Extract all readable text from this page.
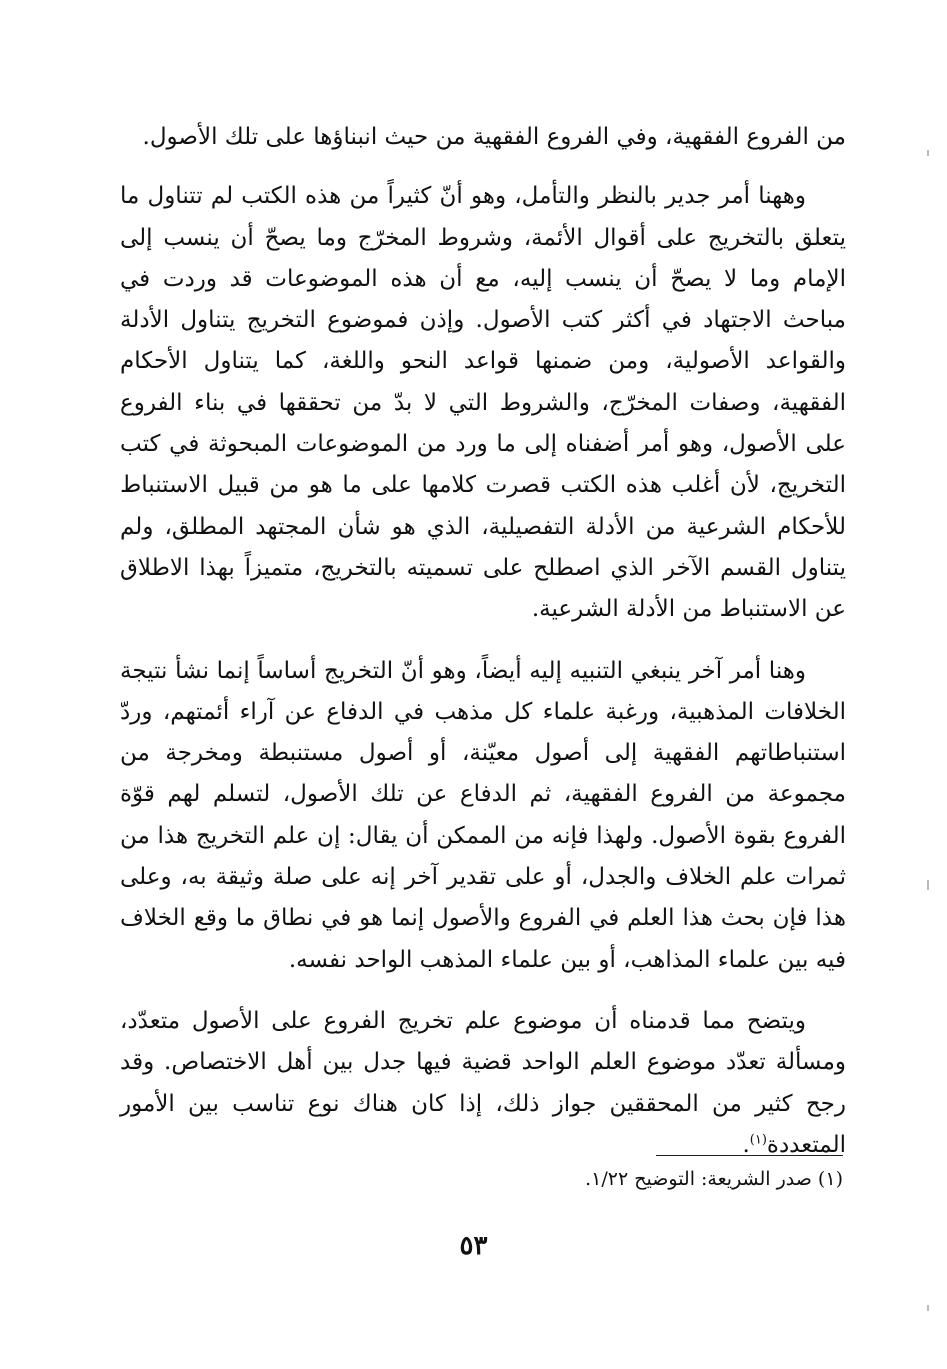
من الفروع الفقهية، وفي الفروع الفقهية من حيث انبناؤها على تلك الأصول.

وههنا أمر جدير بالنظر والتأمل، وهو أنّ كثيراً من هذه الكتب لم تتناول ما يتعلق بالتخريج على أقوال الأئمة، وشروط المخرّج وما يصحّ أن ينسب إلى الإمام وما لا يصحّ أن ينسب إليه، مع أن هذه الموضوعات قد وردت في مباحث الاجتهاد في أكثر كتب الأصول. وإذن فموضوع التخريج يتناول الأدلة والقواعد الأصولية، ومن ضمنها قواعد النحو واللغة، كما يتناول الأحكام الفقهية، وصفات المخرّج، والشروط التي لا بدّ من تحققها في بناء الفروع على الأصول، وهو أمر أضفناه إلى ما ورد من الموضوعات المبحوثة في كتب التخريج، لأن أغلب هذه الكتب قصرت كلامها على ما هو من قبيل الاستنباط للأحكام الشرعية من الأدلة التفصيلية، الذي هو شأن المجتهد المطلق، ولم يتناول القسم الآخر الذي اصطلح على تسميته بالتخريج، متميزاً بهذا الاطلاق عن الاستنباط من الأدلة الشرعية.

وهنا أمر آخر ينبغي التنبيه إليه أيضاً، وهو أنّ التخريج أساساً إنما نشأ نتيجة الخلافات المذهبية، ورغبة علماء كل مذهب في الدفاع عن آراء أئمتهم، وردّ استنباطاتهم الفقهية إلى أصول معيّنة، أو أصول مستنبطة ومخرجة من مجموعة من الفروع الفقهية، ثم الدفاع عن تلك الأصول، لتسلم لهم قوّة الفروع بقوة الأصول. ولهذا فإنه من الممكن أن يقال: إن علم التخريج هذا من ثمرات علم الخلاف والجدل، أو على تقدير آخر إنه على صلة وثيقة به، وعلى هذا فإن بحث هذا العلم في الفروع والأصول إنما هو في نطاق ما وقع الخلاف فيه بين علماء المذاهب، أو بين علماء المذهب الواحد نفسه.

ويتضح مما قدمناه أن موضوع علم تخريج الفروع على الأصول متعدّد، ومسألة تعدّد موضوع العلم الواحد قضية فيها جدل بين أهل الاختصاص. وقد رجح كثير من المحققين جواز ذلك، إذا كان هناك نوع تناسب بين الأمور المتعددة$^{(١)}$.

(١) صدر الشريعة: التوضيح ١/٢٢.
٥٣
